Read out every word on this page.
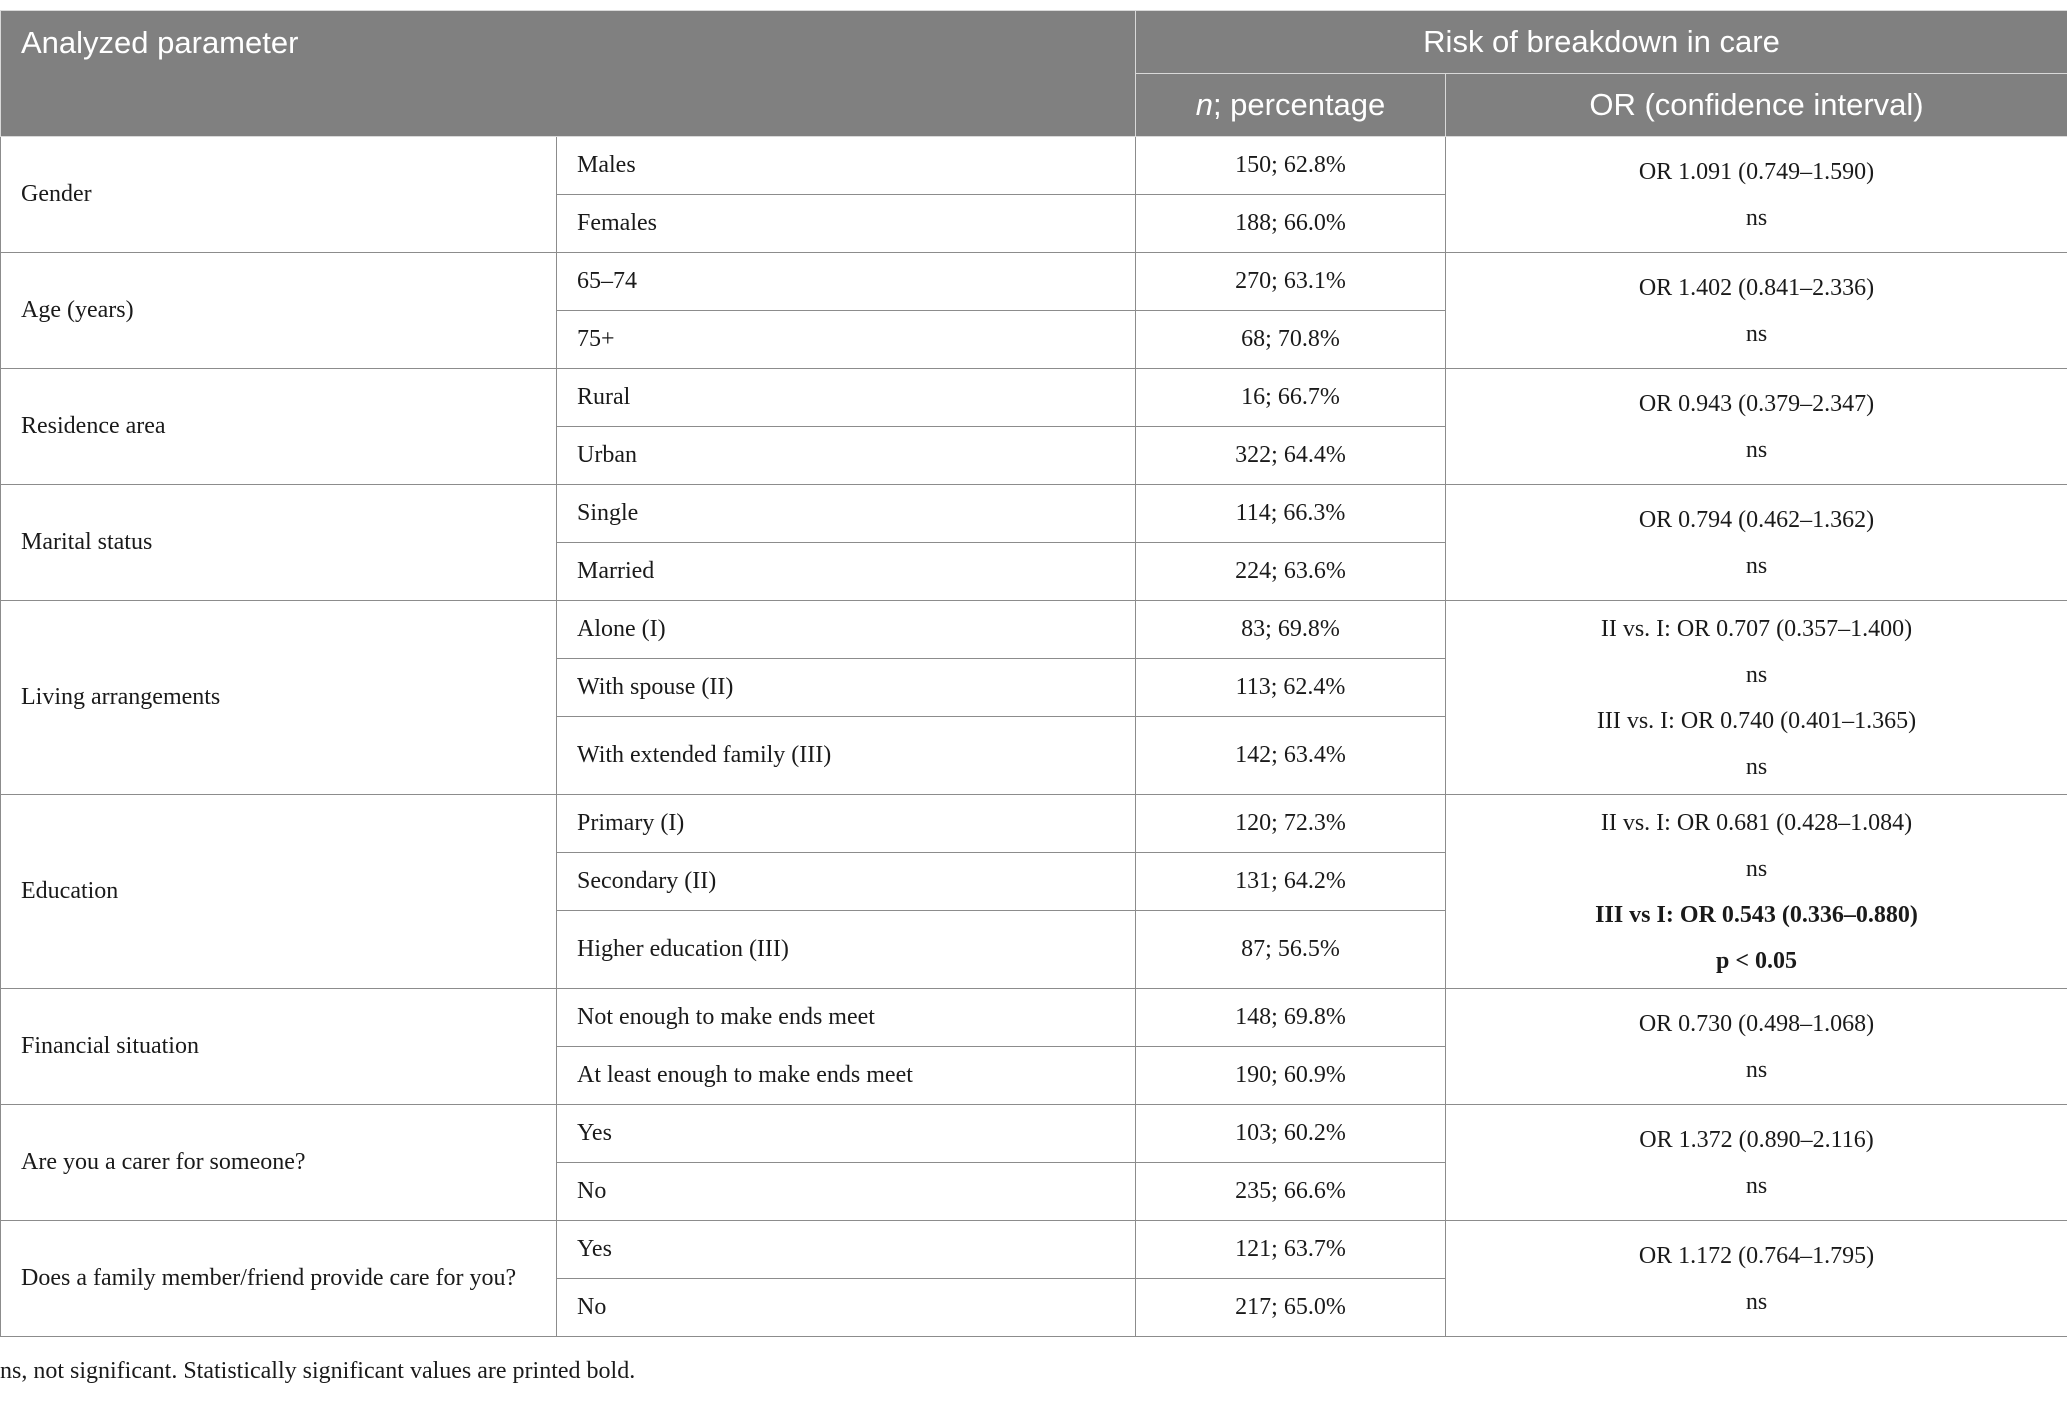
Analyzed parameter		Risk of breakdown in care	
		n; percentage	OR (confidence interval)
Gender	Males	150; 62.8%	OR 1.091 (0.749–1.590)
ns

	Females	188; 66.0%	
Age (years)	65–74	270; 63.1%	OR 1.402 (0.841–2.336)
ns

	75+	68; 70.8%	
Residence area	Rural	16; 66.7%	OR 0.943 (0.379–2.347)
ns

	Urban	322; 64.4%	
Marital status	Single	114; 66.3%	OR 0.794 (0.462–1.362)
ns

	Married	224; 63.6%	
Living arrangements	Alone (I)	83; 69.8%	II vs. I: OR 0.707 (0.357–1.400)
ns
III vs. I: OR 0.740 (0.401–1.365)
ns

	With spouse (II)	113; 62.4%	
	With extended family (III)	142; 63.4%	
Education	Primary (I)	120; 72.3%	II vs. I: OR 0.681 (0.428–1.084)
ns
III vs I: OR 0.543 (0.336–0.880)
p < 0.05

	Secondary (II)	131; 64.2%	
	Higher education (III)	87; 56.5%	
Financial situation	Not enough to make ends meet	148; 69.8%	OR 0.730 (0.498–1.068)
ns

	At least enough to make ends meet	190; 60.9%	
Are you a carer for someone?	Yes	103; 60.2%	OR 1.372 (0.890–2.116)
ns

	No	235; 66.6%	
Does a family member/friend provide care for you?	Yes	121; 63.7%	OR 1.172 (0.764–1.795)
ns

	No	217; 65.0%	
ns, not significant. Statistically significant values are printed bold.
